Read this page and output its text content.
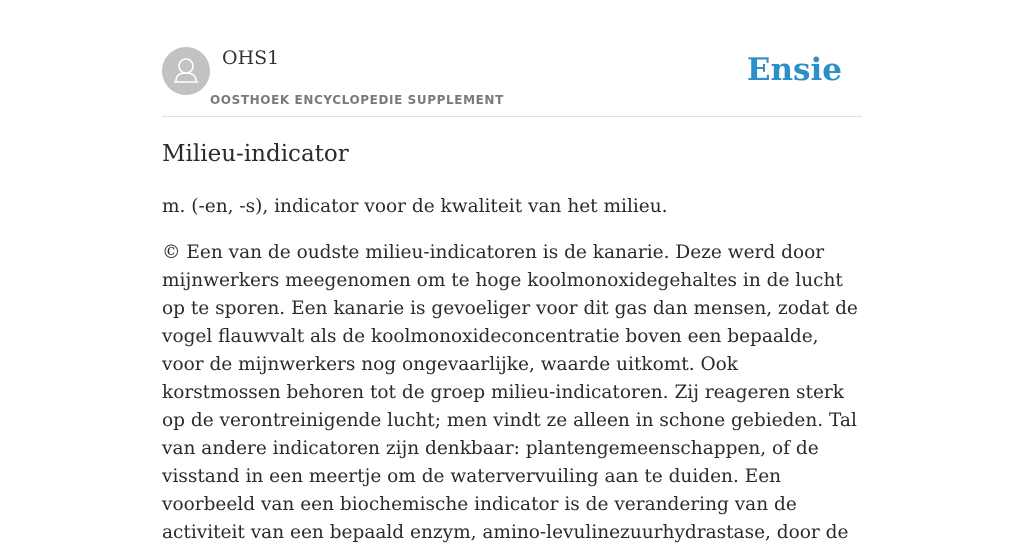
OHS1
OOSTHOEK ENCYCLOPEDIE SUPPLEMENT
Ensie
Milieu-indicator

m. (-en, -s), indicator voor de kwaliteit van het milieu.

© Een van de oudste milieu-indicatoren is de kanarie. Deze werd door mijnwerkers meegenomen om te hoge koolmonoxidegehaltes in de lucht op te sporen. Een kanarie is gevoeliger voor dit gas dan mensen, zodat de vogel flauwvalt als de koolmonoxideconcentratie boven een bepaalde, voor de mijnwerkers nog ongevaarlijke, waarde uitkomt. Ook korstmossen behoren tot de groep milieu-indicatoren. Zij reageren sterk op de verontreinigende lucht; men vindt ze alleen in schone gebieden. Tal van andere indicatoren zijn denkbaar: plantengemeenschappen, of de visstand in een meertje om de watervervuiling aan te duiden. Een voorbeeld van een biochemische indicator is de verandering van de activiteit van een bepaald enzym, amino-levulinezuurhydrastase, door de
